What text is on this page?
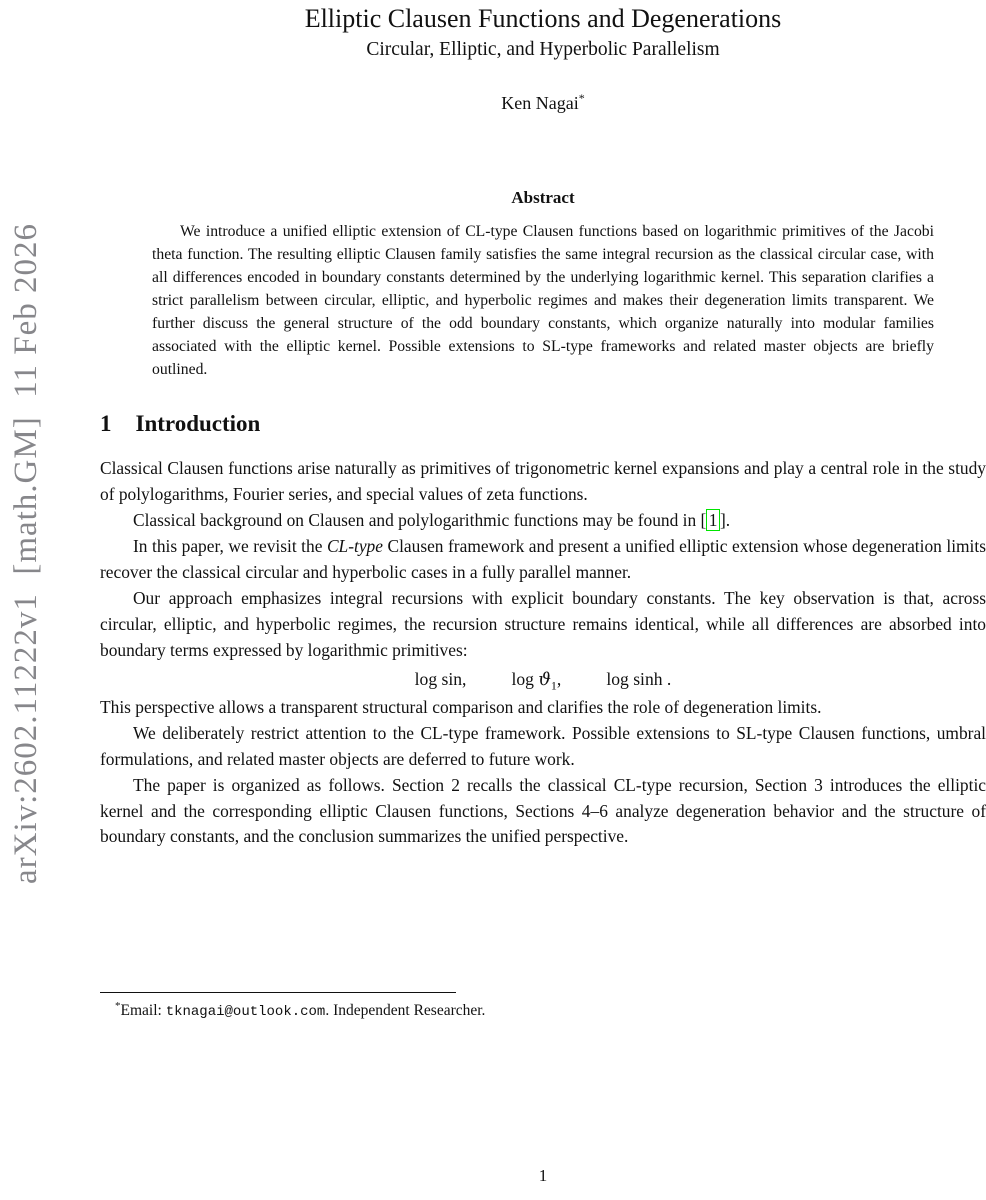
arXiv:2602.11222v1  [math.GM]  11 Feb 2026
Elliptic Clausen Functions and Degenerations
Circular, Elliptic, and Hyperbolic Parallelism
Ken Nagai*
Abstract
We introduce a unified elliptic extension of CL-type Clausen functions based on logarithmic primitives of the Jacobi theta function. The resulting elliptic Clausen family satisfies the same integral recursion as the classical circular case, with all differences encoded in boundary constants determined by the underlying logarithmic kernel. This separation clarifies a strict parallelism between circular, elliptic, and hyperbolic regimes and makes their degeneration limits transparent. We further discuss the general structure of the odd boundary constants, which organize naturally into modular families associated with the elliptic kernel. Possible extensions to SL-type frameworks and related master objects are briefly outlined.
1 Introduction

Classical Clausen functions arise naturally as primitives of trigonometric kernel expansions and play a central role in the study of polylogarithms, Fourier series, and special values of zeta functions.

Classical background on Clausen and polylogarithmic functions may be found in [ 1 ].

In this paper, we revisit the CL-type Clausen framework and present a unified elliptic extension whose degeneration limits recover the classical circular and hyperbolic cases in a fully parallel manner.

Our approach emphasizes integral recursions with explicit boundary constants. The key observation is that, across circular, elliptic, and hyperbolic regimes, the recursion structure remains identical, while all differences are absorbed into boundary terms expressed by logarithmic primitives:

log sin,	$\log ϑ_1$,	log sinh .

This perspective allows a transparent structural comparison and clarifies the role of degeneration limits.

We deliberately restrict attention to the CL-type framework. Possible extensions to SL-type Clausen functions, umbral formulations, and related master objects are deferred to future work.

The paper is organized as follows. Section 2 recalls the classical CL-type recursion, Section 3 introduces the elliptic kernel and the corresponding elliptic Clausen functions, Sections 4–6 analyze degeneration behavior and the structure of boundary constants, and the conclusion summarizes the unified perspective.

*Email: tknagai@outlook.com. Independent Researcher.

1
